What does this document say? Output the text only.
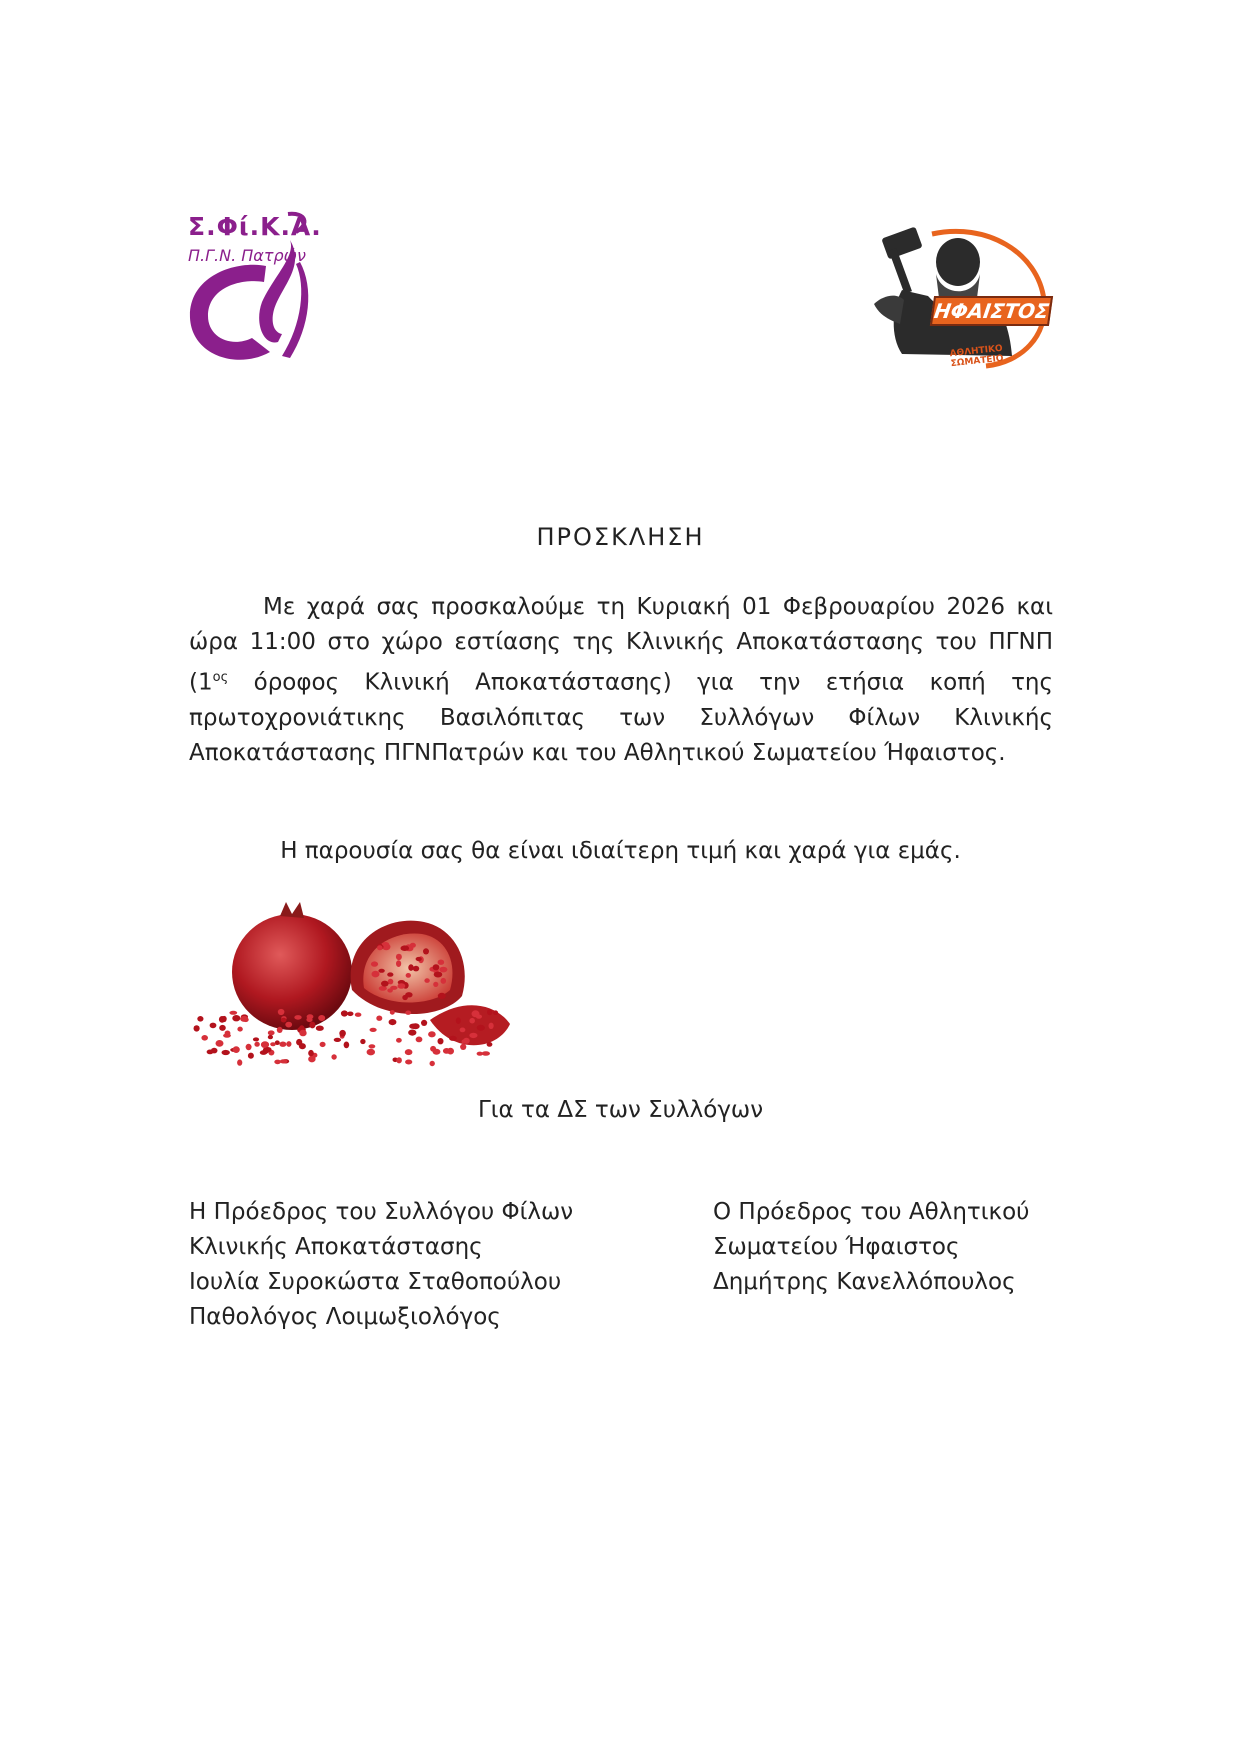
Σ.Φί.Κ.Α.
Π.Γ.Ν. Πατρών
ΗΦΑΙΣΤΟΣ
ΑΘΛΗΤΙΚΟ ΣΩΜΑΤΕΙΟ
ΠΡΟΣΚΛΗΣΗ

Με χαρά σας προσκαλούμε τη Κυριακή 01 Φεβρουαρίου 2026 και ώρα 11:00 στο χώρο εστίασης της Κλινικής Αποκατάστασης του ΠΓΝΠ ($1^{o\varsigma}$ όροφος Κλινική Αποκατάστασης) για την ετήσια κοπή της πρωτοχρονιάτικης Βασιλόπιτας των Συλλόγων Φίλων Κλινικής Αποκατάστασης ΠΓΝΠατρών και του Αθλητικού Σωματείου Ήφαιστος.

Η παρουσία σας θα είναι ιδιαίτερη τιμή και χαρά για εμάς.
Για τα ΔΣ των Συλλόγων
Η Πρόεδρος του Συλλόγου Φίλων
Κλινικής Αποκατάστασης
Ιουλία Συροκώστα Σταθοπούλου
Παθολόγος Λοιμωξιολόγος
Ο Πρόεδρος του Αθλητικού
Σωματείου Ήφαιστος
Δημήτρης Κανελλόπουλος
